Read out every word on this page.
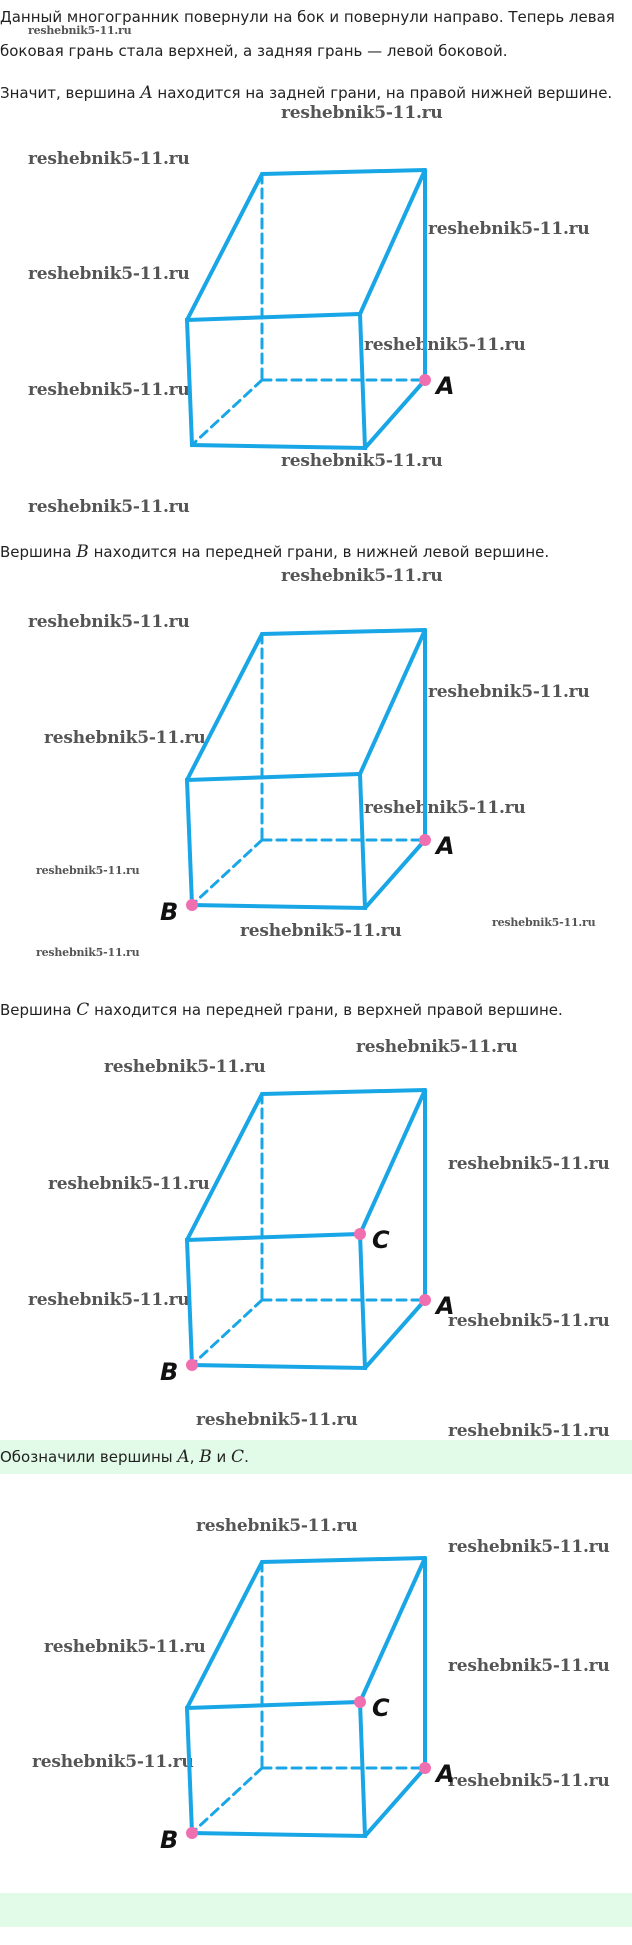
Данный многогранник повернули на бок и повернули направо. Теперь левая

боковая грань стала верхней, а задняя грань — левой боковой.

Значит, вершина A находится на задней грани, на правой нижней вершине.

reshebnik5-11.ru
reshebnik5-11.ru
reshebnik5-11.ru
reshebnik5-11.ru
reshebnik5-11.ru
reshebnik5-11.ru
reshebnik5-11.ru
reshebnik5-11.ru
reshebnik5-11.ru
A

Вершина B находится на передней грани, в нижней левой вершине.

reshebnik5-11.ru
reshebnik5-11.ru
reshebnik5-11.ru
reshebnik5-11.ru
reshebnik5-11.ru
reshebnik5-11.ru
reshebnik5-11.ru	reshebnik5-11.ru
reshebnik5-11.ru
A
B

Вершина C находится на передней грани, в верхней правой вершине.

reshebnik5-11.ru
reshebnik5-11.ru
reshebnik5-11.ru
reshebnik5-11.ru
reshebnik5-11.ru
reshebnik5-11.ru
reshebnik5-11.ru
A
B
C

Обозначили вершины A, B и C.

reshebnik5-11.ru
reshebnik5-11.ru
reshebnik5-11.ru
reshebnik5-11.ru
reshebnik5-11.ru
reshebnik5-11.ru
reshebnik5-11.ru
A
B
C
